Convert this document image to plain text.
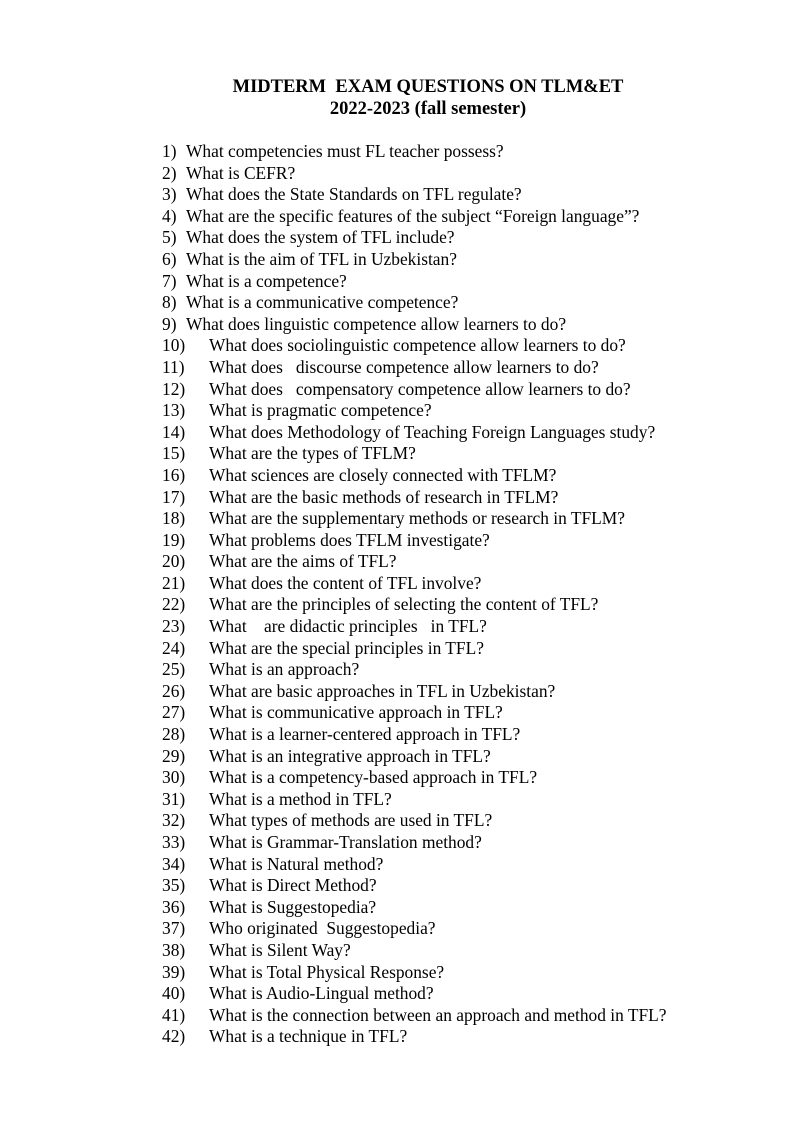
MIDTERM  EXAM QUESTIONS ON TLM&ET
2022-2023 (fall semester)
1) What competencies must FL teacher possess?
2) What is CEFR?
3) What does the State Standards on TFL regulate?
4) What are the specific features of the subject “Foreign language”?
5) What does the system of TFL include?
6) What is the aim of TFL in Uzbekistan?
7) What is a competence?
8) What is a communicative competence?
9) What does linguistic competence allow learners to do?
10) What does sociolinguistic competence allow learners to do?
11) What does   discourse competence allow learners to do?
12) What does   compensatory competence allow learners to do?
13) What is pragmatic competence?
14) What does Methodology of Teaching Foreign Languages study?
15) What are the types of TFLM?
16) What sciences are closely connected with TFLM?
17) What are the basic methods of research in TFLM?
18) What are the supplementary methods or research in TFLM?
19) What problems does TFLM investigate?
20) What are the aims of TFL?
21) What does the content of TFL involve?
22) What are the principles of selecting the content of TFL?
23) What    are didactic principles   in TFL?
24) What are the special principles in TFL?
25) What is an approach?
26) What are basic approaches in TFL in Uzbekistan?
27) What is communicative approach in TFL?
28) What is a learner-centered approach in TFL?
29) What is an integrative approach in TFL?
30) What is a competency-based approach in TFL?
31) What is a method in TFL?
32) What types of methods are used in TFL?
33) What is Grammar-Translation method?
34) What is Natural method?
35) What is Direct Method?
36) What is Suggestopedia?
37) Who originated  Suggestopedia?
38) What is Silent Way?
39) What is Total Physical Response?
40) What is Audio-Lingual method?
41) What is the connection between an approach and method in TFL?
42) What is a technique in TFL?
